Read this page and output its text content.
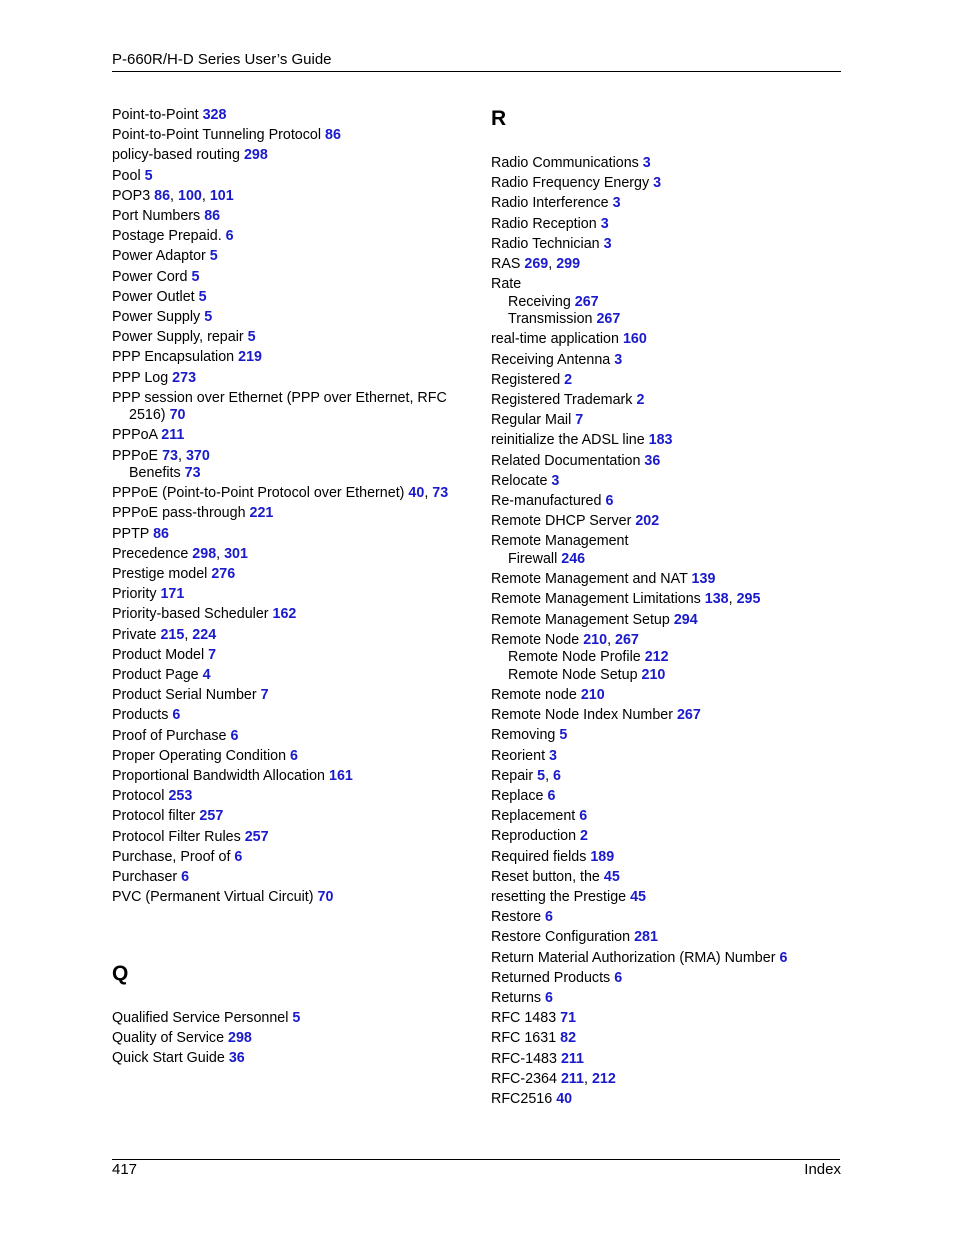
P-660R/H-D Series User’s Guide
Point-to-Point 328
Point-to-Point Tunneling Protocol 86
policy-based routing 298
Pool 5
POP3 86, 100, 101
Port Numbers 86
Postage Prepaid. 6
Power Adaptor 5
Power Cord 5
Power Outlet 5
Power Supply 5
Power Supply, repair 5
PPP Encapsulation 219
PPP Log 273
PPP session over Ethernet (PPP over Ethernet, RFC
2516) 70
PPPoA 211
PPPoE 73, 370
Benefits 73
PPPoE (Point-to-Point Protocol over Ethernet) 40, 73
PPPoE pass-through 221
PPTP 86
Precedence 298, 301
Prestige model 276
Priority 171
Priority-based Scheduler 162
Private 215, 224
Product Model 7
Product Page 4
Product Serial Number 7
Products 6
Proof of Purchase 6
Proper Operating Condition 6
Proportional Bandwidth Allocation 161
Protocol 253
Protocol filter 257
Protocol Filter Rules 257
Purchase, Proof of 6
Purchaser 6
PVC (Permanent Virtual Circuit) 70
Q
Qualified Service Personnel 5
Quality of Service 298
Quick Start Guide 36
R
Radio Communications 3
Radio Frequency Energy 3
Radio Interference 3
Radio Reception 3
Radio Technician 3
RAS 269, 299
Rate
Receiving 267
Transmission 267
real-time application 160
Receiving Antenna 3
Registered 2
Registered Trademark 2
Regular Mail 7
reinitialize the ADSL line 183
Related Documentation 36
Relocate 3
Re-manufactured 6
Remote DHCP Server 202
Remote Management
Firewall 246
Remote Management and NAT 139
Remote Management Limitations 138, 295
Remote Management Setup 294
Remote Node 210, 267
Remote Node Profile 212
Remote Node Setup 210
Remote node 210
Remote Node Index Number 267
Removing 5
Reorient 3
Repair 5, 6
Replace 6
Replacement 6
Reproduction 2
Required fields 189
Reset button, the 45
resetting the Prestige 45
Restore 6
Restore Configuration 281
Return Material Authorization (RMA) Number 6
Returned Products 6
Returns 6
RFC 1483 71
RFC 1631 82
RFC-1483 211
RFC-2364 211, 212
RFC2516 40
417	Index
